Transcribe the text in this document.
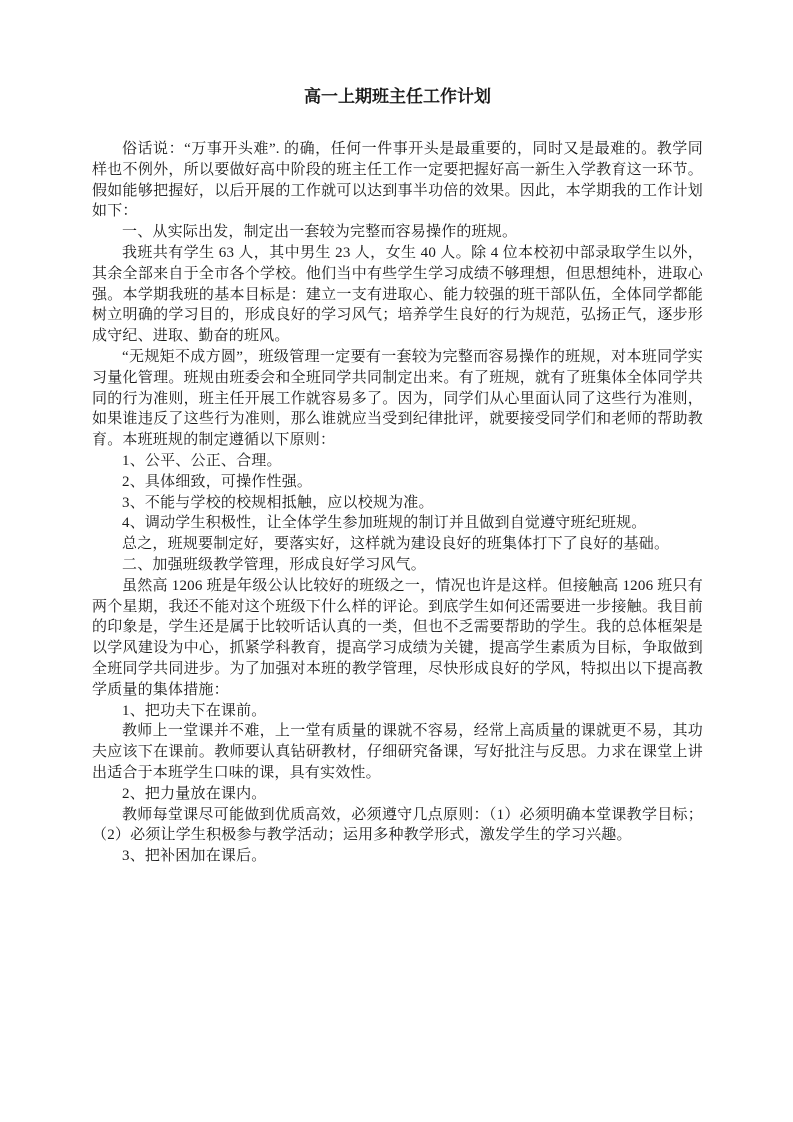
高一上期班主任工作计划

俗话说：“万事开头难”. 的确，任何一件事开头是最重要的，同时又是最难的。教学同样也不例外，所以要做好高中阶段的班主任工作一定要把握好高一新生入学教育这一环节。假如能够把握好，以后开展的工作就可以达到事半功倍的效果。因此，本学期我的工作计划如下：

一、从实际出发，制定出一套较为完整而容易操作的班规。

我班共有学生 63 人，其中男生 23 人，女生 40 人。除 4 位本校初中部录取学生以外，其余全部来自于全市各个学校。他们当中有些学生学习成绩不够理想，但思想纯朴，进取心强。本学期我班的基本目标是：建立一支有进取心、能力较强的班干部队伍，全体同学都能树立明确的学习目的，形成良好的学习风气；培养学生良好的行为规范，弘扬正气，逐步形成守纪、进取、勤奋的班风。

“无规矩不成方圆”，班级管理一定要有一套较为完整而容易操作的班规，对本班同学实习量化管理。班规由班委会和全班同学共同制定出来。有了班规，就有了班集体全体同学共同的行为准则，班主任开展工作就容易多了。因为，同学们从心里面认同了这些行为准则，如果谁违反了这些行为准则，那么谁就应当受到纪律批评，就要接受同学们和老师的帮助教育。本班班规的制定遵循以下原则：

1、公平、公正、合理。

2、具体细致，可操作性强。

3、不能与学校的校规相抵触，应以校规为准。

4、调动学生积极性，让全体学生参加班规的制订并且做到自觉遵守班纪班规。

总之，班规要制定好，要落实好，这样就为建设良好的班集体打下了良好的基础。

二、加强班级教学管理，形成良好学习风气。

虽然高 1206 班是年级公认比较好的班级之一，情况也许是这样。但接触高 1206 班只有两个星期，我还不能对这个班级下什么样的评论。到底学生如何还需要进一步接触。我目前的印象是，学生还是属于比较听话认真的一类，但也不乏需要帮助的学生。我的总体框架是以学风建设为中心，抓紧学科教育，提高学习成绩为关键，提高学生素质为目标，争取做到全班同学共同进步。为了加强对本班的教学管理，尽快形成良好的学风，特拟出以下提高教学质量的集体措施：

1、把功夫下在课前。

教师上一堂课并不难，上一堂有质量的课就不容易，经常上高质量的课就更不易，其功夫应该下在课前。教师要认真钻研教材，仔细研究备课，写好批注与反思。力求在课堂上讲出适合于本班学生口味的课，具有实效性。

2、把力量放在课内。

教师每堂课尽可能做到优质高效，必须遵守几点原则：（1）必须明确本堂课教学目标；（2）必须让学生积极参与教学活动；运用多种教学形式，激发学生的学习兴趣。

3、把补困加在课后。
